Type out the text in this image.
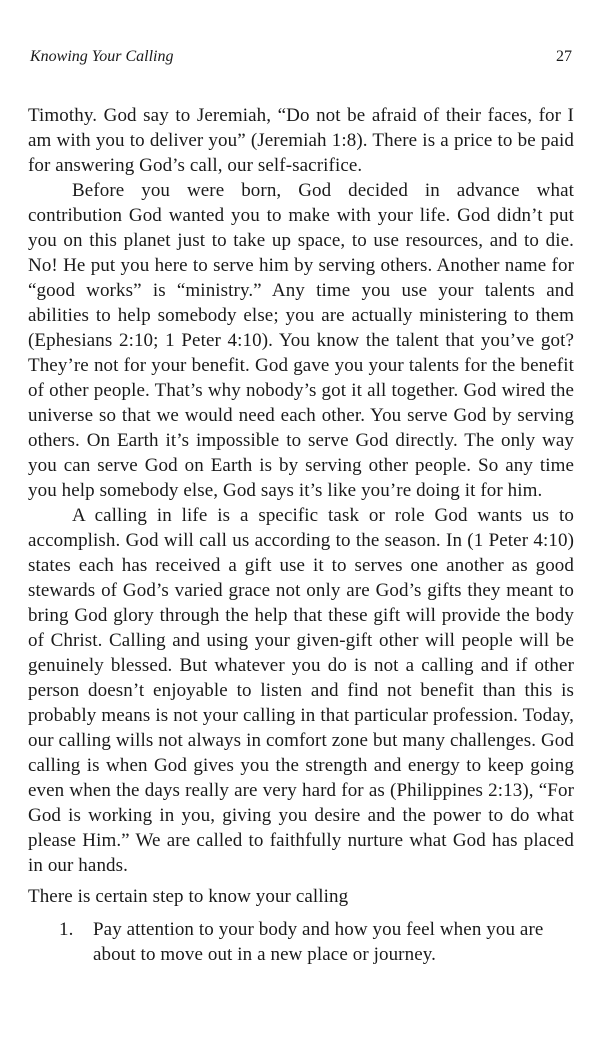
Knowing Your Calling	27

Timothy. God say to Jeremiah, “Do not be afraid of their faces, for I am with you to deliver you” (Jeremiah 1:8). There is a price to be paid for answering God’s call, our self-sacrifice.

Before you were born, God decided in advance what contribution God wanted you to make with your life. God didn’t put you on this planet just to take up space, to use resources, and to die. No! He put you here to serve him by serving others. Another name for “good works” is “ministry.” Any time you use your talents and abilities to help somebody else; you are actually ministering to them (Ephesians 2:10; 1 Peter 4:10). You know the talent that you’ve got? They’re not for your benefit. God gave you your talents for the benefit of other people. That’s why nobody’s got it all together. God wired the universe so that we would need each other. You serve God by serving others. On Earth it’s impossible to serve God directly. The only way you can serve God on Earth is by serving other people. So any time you help somebody else, God says it’s like you’re doing it for him.

A calling in life is a specific task or role God wants us to accomplish. God will call us according to the season. In (1 Peter 4:10) states each has received a gift use it to serves one another as good stewards of God’s varied grace not only are God’s gifts they meant to bring God glory through the help that these gift will provide the body of Christ. Calling and using your given-gift other will people will be genuinely blessed. But whatever you do is not a calling and if other person doesn’t enjoyable to listen and find not benefit than this is probably means is not your calling in that particular profession. Today, our calling wills not always in comfort zone but many challenges. God calling is when God gives you the strength and energy to keep going even when the days really are very hard for as (Philippines 2:13), “For God is working in you, giving you desire and the power to do what please Him.” We are called to faithfully nurture what God has placed in our hands.

There is certain step to know your calling

1. Pay attention to your body and how you feel when you are about to move out in a new place or journey.
